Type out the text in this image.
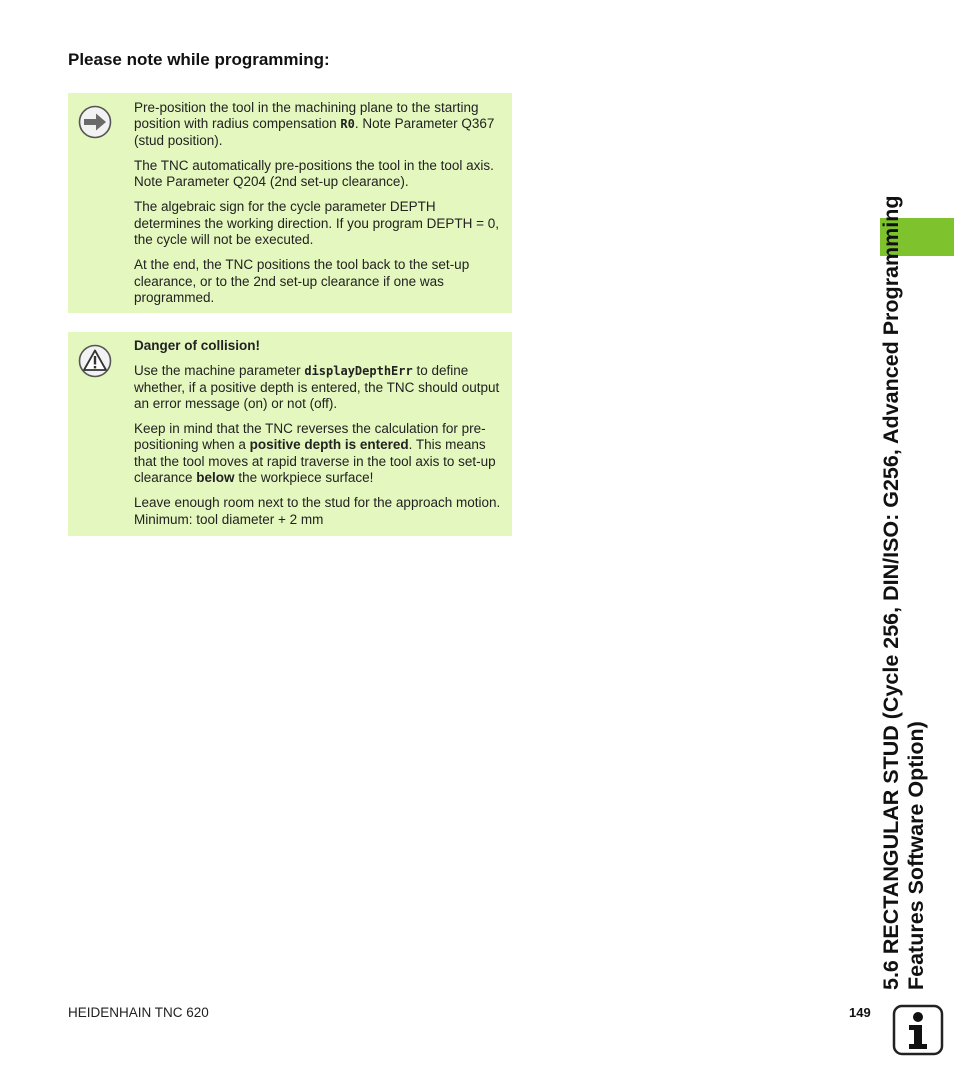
Please note while programming:

Pre-position the tool in the machining plane to the starting position with radius compensation R0. Note Parameter Q367 (stud position).

The TNC automatically pre-positions the tool in the tool axis. Note Parameter Q204 (2nd set-up clearance).

The algebraic sign for the cycle parameter DEPTH determines the working direction. If you program DEPTH = 0, the cycle will not be executed.

At the end, the TNC positions the tool back to the set-up clearance, or to the 2nd set-up clearance if one was programmed.

Danger of collision!

Use the machine parameter displayDepthErr to define whether, if a positive depth is entered, the TNC should output an error message (on) or not (off).

Keep in mind that the TNC reverses the calculation for pre-positioning when a positive depth is entered. This means that the tool moves at rapid traverse in the tool axis to set-up clearance below the workpiece surface!

Leave enough room next to the stud for the approach motion. Minimum: tool diameter + 2 mm	5.6 RECTANGULAR STUD (Cycle 256, DIN/ISO: G256, Advanced Programming Features Software Option)
HEIDENHAIN TNC 620	149
